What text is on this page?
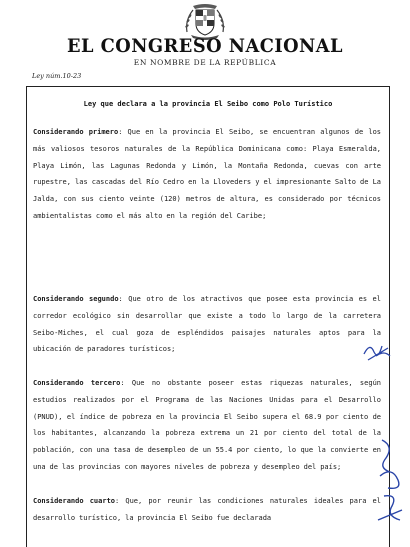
EL CONGRESO NACIONAL
EN NOMBRE DE LA REPÚBLICA
Ley núm.10-23
Ley que declara a la provincia El Seibo como Polo Turístico
Considerando primero: Que en la provincia El Seibo, se encuentran algunos de los más valiosos tesoros naturales de la República Dominicana como: Playa Esmeralda, Playa Limón, las Lagunas Redonda y Limón, la Montaña Redonda, cuevas con arte rupestre, las cascadas del Río Cedro en la Lloveders y el impresionante Salto de La Jalda, con sus ciento veinte (120) metros de altura, es considerado por técnicos ambientalistas como el más alto en la región del Caribe;
Considerando segundo: Que otro de los atractivos que posee esta provincia es el corredor ecológico sin desarrollar que existe a todo lo largo de la carretera Seibo-Miches, el cual goza de espléndidos paisajes naturales aptos para la ubicación de paradores turísticos;
Considerando tercero: Que no obstante poseer estas riquezas naturales, según estudios realizados por el Programa de las Naciones Unidas para el Desarrollo (PNUD), el índice de pobreza en la provincia El Seibo supera el 68.9 por ciento de los habitantes, alcanzando la pobreza extrema un 21 por ciento del total de la población, con una tasa de desempleo de un 55.4 por ciento, lo que la convierte en una de las provincias con mayores niveles de pobreza y desempleo del país;
Considerando cuarto: Que, por reunir las condiciones naturales ideales para el desarrollo turístico, la provincia El Seibo fue declarada
